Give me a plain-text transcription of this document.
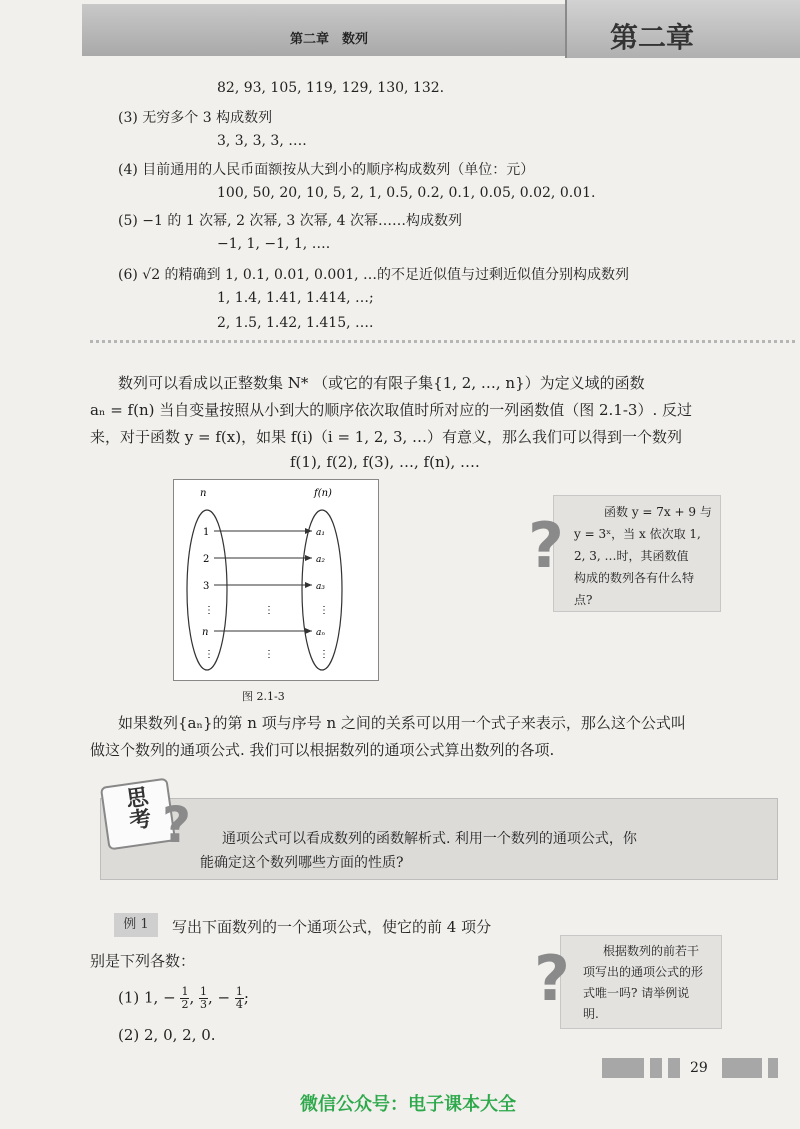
第二章　数列	第二章
82, 93, 105, 119, 129, 130, 132.
(3) 无穷多个 3 构成数列
3, 3, 3, 3, ….
(4) 目前通用的人民币面额按从大到小的顺序构成数列（单位：元）
100, 50, 20, 10, 5, 2, 1, 0.5, 0.2, 0.1, 0.05, 0.02, 0.01.
(5) −1 的 1 次幂, 2 次幂, 3 次幂, 4 次幂……构成数列
−1, 1, −1, 1, ….
(6) √2 的精确到 1, 0.1, 0.01, 0.001, …的不足近似值与过剩近似值分别构成数列
1, 1.4, 1.41, 1.414, …;
2, 1.5, 1.42, 1.415, ….
数列可以看成以正整数集 N* （或它的有限子集{1, 2, …, n}）为定义域的函数
aₙ = f(n) 当自变量按照从小到大的顺序依次取值时所对应的一列函数值（图 2.1-3）. 反过
来，对于函数 y = f(x)，如果 f(i)（i = 1, 2, 3, …）有意义，那么我们可以得到一个数列
f(1), f(2), f(3), …, f(n), ….
n	f(n)
1
2
3
⋮
n
⋮
a₁
a₂
a₃
⋮
aₙ
⋮
⋮
⋮
图 2.1-3
函数 y = 7x + 9 与
y = 3ˣ，当 x 依次取 1,
2, 3, …时，其函数值
构成的数列各有什么特
点?
?
如果数列{aₙ}的第 n 项与序号 n 之间的关系可以用一个式子来表示，那么这个公式叫
做这个数列的通项公式. 我们可以根据数列的通项公式算出数列的各项.
思考 ? 通项公式可以看成数列的函数解析式. 利用一个数列的通项公式，你
能确定这个数列哪些方面的性质?
例 1	写出下面数列的一个通项公式，使它的前 4 项分
别是下列各数：
(1) 1, − $\frac{1}{2}$ , $\frac{1}{3}$ , − $\frac{1}{4}$ ;
(2) 2, 0, 2, 0.
根据数列的前若干
项写出的通项公式的形
式唯一吗? 请举例说
明.
?
29
微信公众号：电子课本大全
